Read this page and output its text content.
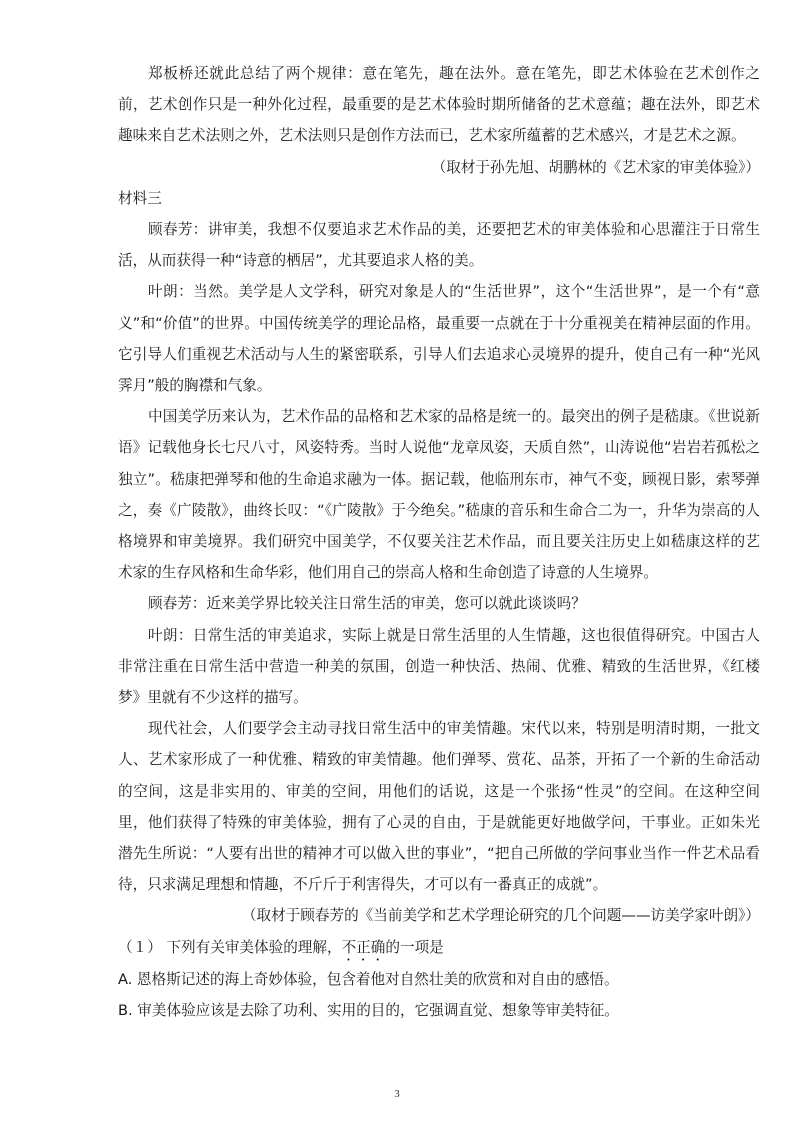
郑板桥还就此总结了两个规律：意在笔先，趣在法外。意在笔先，即艺术体验在艺术创作之前，艺术创作只是一种外化过程，最重要的是艺术体验时期所储备的艺术意蕴；趣在法外，即艺术趣味来自艺术法则之外，艺术法则只是创作方法而已，艺术家所蕴蓄的艺术感兴，才是艺术之源。

（取材于孙先旭、胡鹏林的《艺术家的审美体验》）

材料三

顾春芳：讲审美，我想不仅要追求艺术作品的美，还要把艺术的审美体验和心思灌注于日常生活，从而获得一种“诗意的栖居”，尤其要追求人格的美。

叶朗：当然。美学是人文学科，研究对象是人的“生活世界”，这个“生活世界”，是一个有“意义”和“价值”的世界。中国传统美学的理论品格，最重要一点就在于十分重视美在精神层面的作用。它引导人们重视艺术活动与人生的紧密联系，引导人们去追求心灵境界的提升，使自己有一种“光风霁月”般的胸襟和气象。

中国美学历来认为，艺术作品的品格和艺术家的品格是统一的。最突出的例子是嵇康。《世说新语》记载他身长七尺八寸，风姿特秀。当时人说他“龙章凤姿，天质自然”，山涛说他“岩岩若孤松之独立”。嵇康把弹琴和他的生命追求融为一体。据记载，他临刑东市，神气不变，顾视日影，索琴弹之，奏《广陵散》，曲终长叹：“《广陵散》于今绝矣。”嵇康的音乐和生命合二为一，升华为崇高的人格境界和审美境界。我们研究中国美学，不仅要关注艺术作品，而且要关注历史上如嵇康这样的艺术家的生存风格和生命华彩，他们用自己的崇高人格和生命创造了诗意的人生境界。

顾春芳：近来美学界比较关注日常生活的审美，您可以就此谈谈吗？

叶朗：日常生活的审美追求，实际上就是日常生活里的人生情趣，这也很值得研究。中国古人非常注重在日常生活中营造一种美的氛围，创造一种快活、热闹、优雅、精致的生活世界，《红楼梦》里就有不少这样的描写。

现代社会，人们要学会主动寻找日常生活中的审美情趣。宋代以来，特别是明清时期，一批文人、艺术家形成了一种优雅、精致的审美情趣。他们弹琴、赏花、品茶，开拓了一个新的生命活动的空间，这是非实用的、审美的空间，用他们的话说，这是一个张扬“性灵”的空间。在这种空间里，他们获得了特殊的审美体验，拥有了心灵的自由，于是就能更好地做学问，干事业。正如朱光潜先生所说：“人要有出世的精神才可以做入世的事业”，“把自己所做的学问事业当作一件艺术品看待，只求满足理想和情趣，不斤斤于利害得失，才可以有一番真正的成就”。

（取材于顾春芳的《当前美学和艺术学理论研究的几个问题——访美学家叶朗》）

（１） 下列有关审美体验的理解，不正确的一项是

A. 恩格斯记述的海上奇妙体验，包含着他对自然壮美的欣赏和对自由的感悟。

B. 审美体验应该是去除了功利、实用的目的，它强调直觉、想象等审美特征。

3
